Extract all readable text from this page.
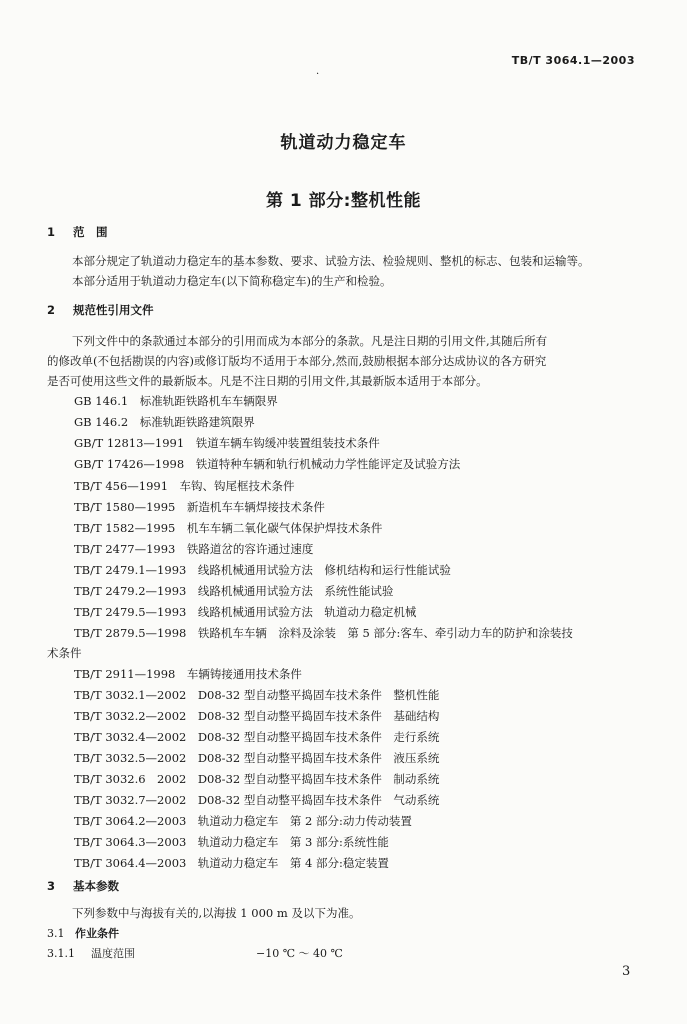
TB/T 3064.1—2003
.
轨道动力稳定车
第 1 部分:整机性能
1 范　围
本部分规定了轨道动力稳定车的基本参数、要求、试验方法、检验规则、整机的标志、包装和运输等。
本部分适用于轨道动力稳定车(以下简称稳定车)的生产和检验。
2 规范性引用文件
下列文件中的条款通过本部分的引用而成为本部分的条款。凡是注日期的引用文件,其随后所有
的修改单(不包括勘误的内容)或修订版均不适用于本部分,然而,鼓励根据本部分达成协议的各方研究
是否可使用这些文件的最新版本。凡是不注日期的引用文件,其最新版本适用于本部分。
GB 146.1　 标准轨距铁路机车车辆限界
GB 146.2　 标准轨距铁路建筑限界
GB/T 12813—1991　 铁道车辆车钩缓冲装置组装技术条件
GB/T 17426—1998　 铁道特种车辆和轨行机械动力学性能评定及试验方法
TB/T 456—1991　 车钩、钩尾框技术条件
TB/T 1580—1995　 新造机车车辆焊接技术条件
TB/T 1582—1995　 机车车辆二氧化碳气体保护焊技术条件
TB/T 2477—1993　 铁路道岔的容许通过速度
TB/T 2479.1—1993　 线路机械通用试验方法　修机结构和运行性能试验
TB/T 2479.2—1993　 线路机械通用试验方法　系统性能试验
TB/T 2479.5—1993　 线路机械通用试验方法　轨道动力稳定机械
TB/T 2879.5—1998　 铁路机车车辆　涂料及涂装　第 5 部分:客车、牵引动力车的防护和涂装技
术条件
TB/T 2911—1998　 车辆铸接通用技术条件
TB/T 3032.1—2002　 D08-32 型自动整平捣固车技术条件　整机性能
TB/T 3032.2—2002　 D08-32 型自动整平捣固车技术条件　基础结构
TB/T 3032.4—2002　 D08-32 型自动整平捣固车技术条件　走行系统
TB/T 3032.5—2002　 D08-32 型自动整平捣固车技术条件　液压系统
TB/T 3032.6　2002　 D08-32 型自动整平捣固车技术条件　制动系统
TB/T 3032.7—2002　 D08-32 型自动整平捣固车技术条件　气动系统
TB/T 3064.2—2003　 轨道动力稳定车　第 2 部分:动力传动装置
TB/T 3064.3—2003　 轨道动力稳定车　第 3 部分:系统性能
TB/T 3064.4—2003　 轨道动力稳定车　第 4 部分:稳定装置
3 基本参数
下列参数中与海拔有关的,以海拔 1 000 m 及以下为准。
3.1 作业条件
3.1.1 温度范围	−10 ℃ ～ 40 ℃
3
